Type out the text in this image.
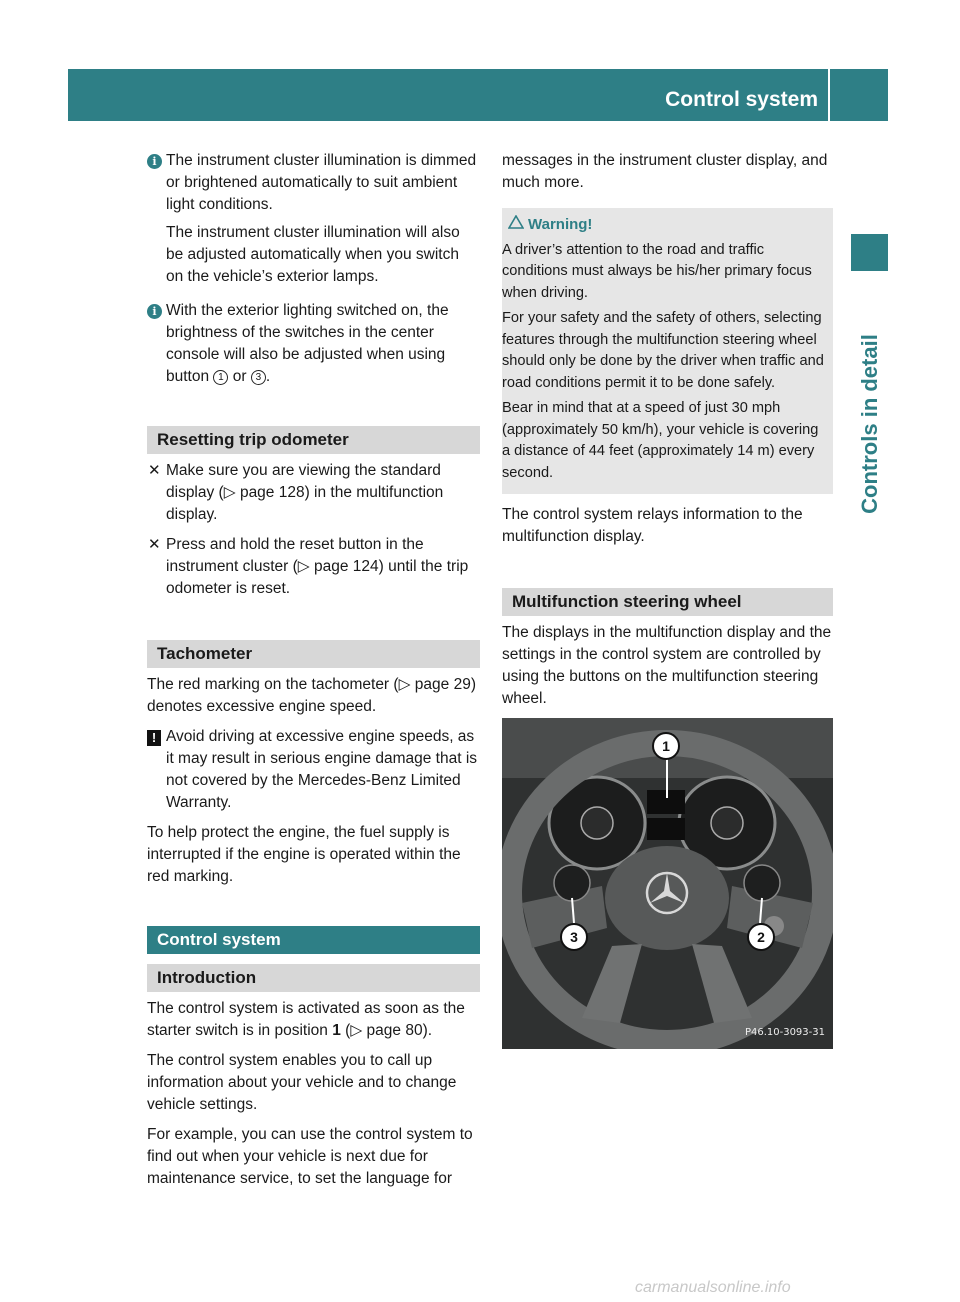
Control system
Controls in detail
i The instrument cluster illumination is dimmed or brightened automatically to suit ambient light conditions.

The instrument cluster illumination will also be adjusted automatically when you switch on the vehicle’s exterior lamps.

i With the exterior lighting switched on, the brightness of the switches in the center console will also be adjusted when using button 1 or 3 .

Resetting trip odometer
✕ Make sure you are viewing the standard display (▷ page 128) in the multifunction display.
✕ Press and hold the reset button in the instrument cluster (▷ page 124) until the trip odometer is reset.
Tachometer

The red marking on the tachometer (▷ page 29) denotes excessive engine speed.

! Avoid driving at excessive engine speeds, as it may result in serious engine damage that is not covered by the Mercedes-Benz Limited Warranty.

To help protect the engine, the fuel supply is interrupted if the engine is operated within the red marking.

Control system
Introduction

The control system is activated as soon as the starter switch is in position 1 (▷ page 80).

The control system enables you to call up information about your vehicle and to change vehicle settings.

For example, you can use the control system to find out when your vehicle is next due for maintenance service, to set the language for

messages in the instrument cluster display, and much more.

Warning!

A driver’s attention to the road and traffic conditions must always be his/her primary focus when driving.

For your safety and the safety of others, selecting features through the multifunction steering wheel should only be done by the driver when traffic and road conditions permit it to be done safely.

Bear in mind that at a speed of just 30 mph (approximately 50 km/h), your vehicle is covering a distance of 44 feet (approximately 14 m) every second.

The control system relays information to the multifunction display.

Multifunction steering wheel

The displays in the multifunction display and the settings in the control system are controlled by using the buttons on the multifunction steering wheel.

1
2
3
P46.10-3093-31
carmanualsonline.info
